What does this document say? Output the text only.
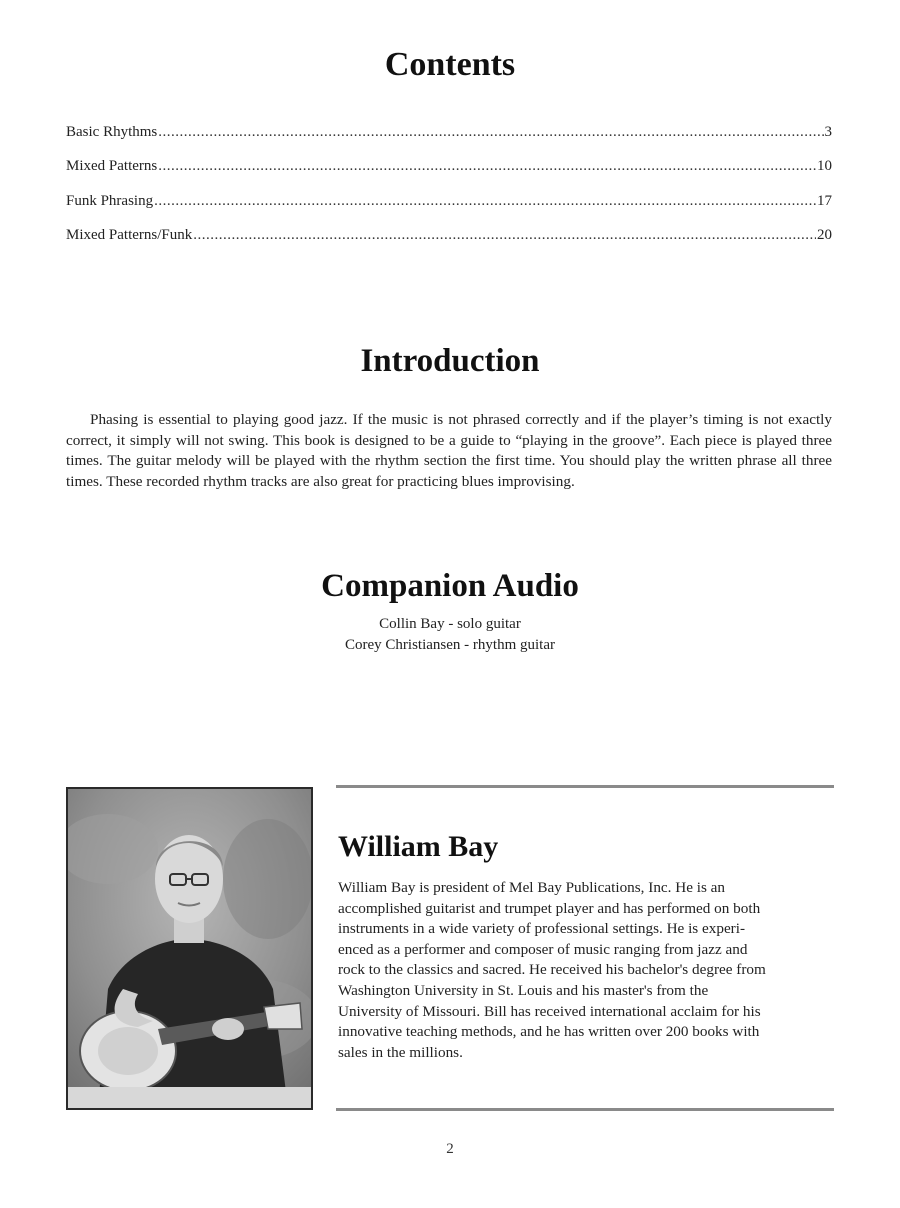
Contents
Basic Rhythms .....	3
Mixed Patterns .....	10
Funk Phrasing .....	17
Mixed Patterns/Funk .....	20
Introduction
Phasing is essential to playing good jazz. If the music is not phrased correctly and if the player’s timing is not exactly correct, it simply will not swing. This book is designed to be a guide to “playing in the groove”. Each piece is played three times. The guitar melody will be played with the rhythm section the first time. You should play the written phrase all three times. These recorded rhythm tracks are also great for practicing blues improvising.
Companion Audio
Collin Bay - solo guitar
Corey Christiansen - rhythm guitar
William Bay
William Bay is president of Mel Bay Publications, Inc. He is an
accomplished guitarist and trumpet player and has performed on both
instruments in a wide variety of professional settings. He is experi-
enced as a performer and composer of music ranging from jazz and
rock to the classics and sacred. He received his bachelor's degree from
Washington University in St. Louis and his master's from the
University of Missouri. Bill has received international acclaim for his
innovative teaching methods, and he has written over 200 books with
sales in the millions.
2
